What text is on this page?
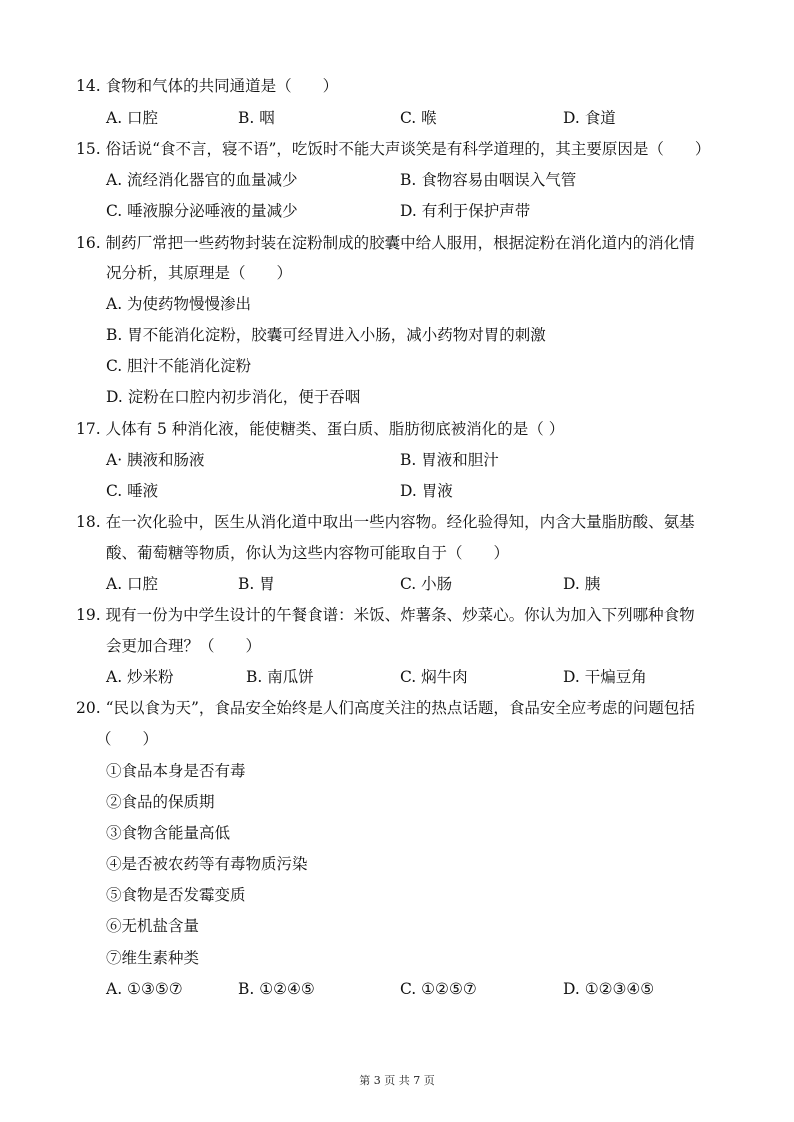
14. 食物和气体的共同通道是（　　）
A. 口腔	B. 咽	C. 喉	D. 食道
15. 俗话说“食不言，寝不语”，吃饭时不能大声谈笑是有科学道理的，其主要原因是（　　）
A. 流经消化器官的血量减少	B. 食物容易由咽误入气管
C. 唾液腺分泌唾液的量减少	D. 有利于保护声带
16. 制药厂常把一些药物封装在淀粉制成的胶囊中给人服用，根据淀粉在消化道内的消化情
况分析，其原理是（　　）
A. 为使药物慢慢渗出
B. 胃不能消化淀粉，胶囊可经胃进入小肠，减小药物对胃的刺激
C. 胆汁不能消化淀粉
D. 淀粉在口腔内初步消化，便于吞咽
17. 人体有 5 种消化液，能使糖类、蛋白质、脂肪彻底被消化的是（ ）
A· 胰液和肠液	B. 胃液和胆汁
C. 唾液	D. 胃液
18. 在一次化验中，医生从消化道中取出一些内容物。经化验得知，内含大量脂肪酸、氨基
酸、葡萄糖等物质，你认为这些内容物可能取自于（　　）
A. 口腔	B. 胃	C. 小肠	D. 胰
19. 现有一份为中学生设计的午餐食谱：米饭、炸薯条、炒菜心。你认为加入下列哪种食物
会更加合理？（　　）
A. 炒米粉	B. 南瓜饼	C. 焖牛肉	D. 干煸豆角
20. “民以食为天”，食品安全始终是人们高度关注的热点话题，食品安全应考虑的问题包括
（　　）
①食品本身是否有毒
②食品的保质期
③食物含能量高低
④是否被农药等有毒物质污染
⑤食物是否发霉变质
⑥无机盐含量
⑦维生素种类
A. ①③⑤⑦	B. ①②④⑤	C. ①②⑤⑦	D. ①②③④⑤
第 3 页 共 7 页
